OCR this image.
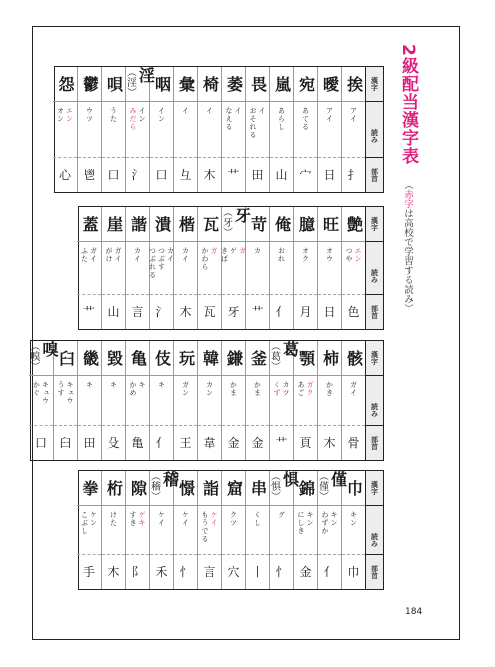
2級配当漢字表
（赤字は高校で学習する読み）
漢字
読み
部首
挨
アイ
扌
曖
アイ
日
宛
あてる
宀
嵐
あらし
山
畏
イ
おそれる
田
萎
イ
なえる
艹
椅
イ
木
彙
イ
彑
咽
イン
口
淫（淫）
イン
みだら
氵
唄
うた
口
鬱
ウツ
鬯
怨
エン
オン
心
漢字
読み
部首
艶
エン
つや
色
旺
オウ
日
臆
オク
月
俺
おれ
亻
苛
カ
艹
牙（牙）
ガ
ゲ
きば
牙
瓦
ガ
かわら
瓦
楷
カイ
木
潰
カイ
つぶす
つぶれる
氵
諧
カイ
言
崖
ガイ
がけ
山
蓋
ガイ
ふた
艹
漢字
読み
部首
骸
ガイ
骨
柿
かき
木
顎
ガク
あご
頁
葛（葛）
カツ
くず
艹
釜
かま
金
鎌
かま
金
韓
カン
韋
玩
ガン
王
伎
キ
亻
亀
キ
かめ
亀
毀
キ
殳
畿
キ
田
臼
キュウ
うす
臼
嗅（嗅）
キュウ
かぐ
口
漢字
読み
部首
巾
キン
巾
僅（僅）
キン
わずか
亻
錦
キン
にしき
金
惧（惧）
グ
忄
串
くし
丨
窟
クツ
穴
詣
ケイ
もうでる
言
憬
ケイ
忄
稽（稽）
ケイ
禾
隙
ゲキ
すき
阝
桁
けた
木
拳
ケン
こぶし
手
184
